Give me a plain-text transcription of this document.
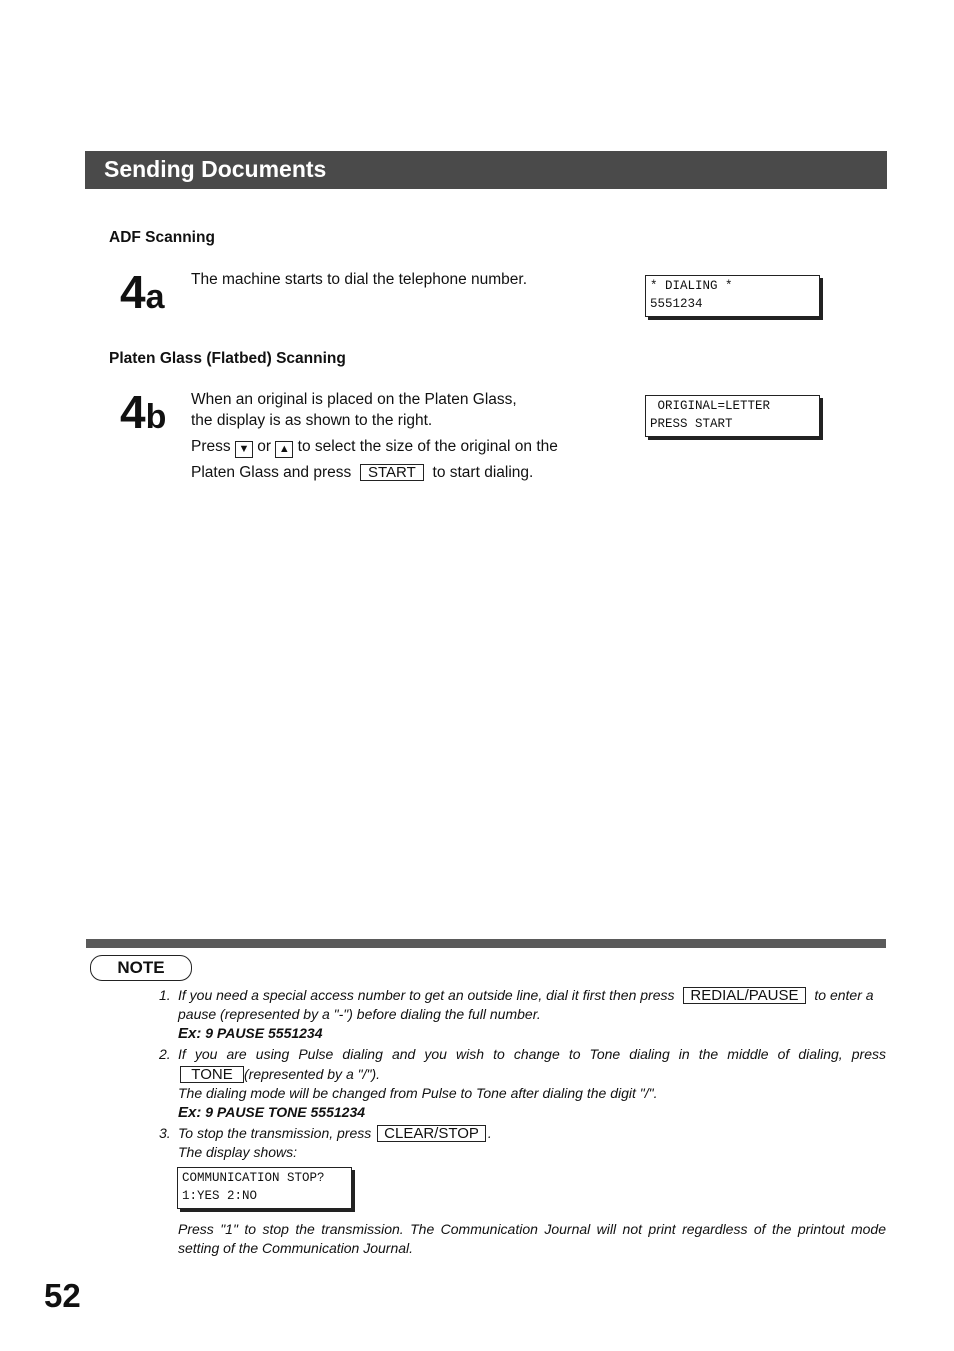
Sending Documents
ADF Scanning
4a The machine starts to dial the telephone number.	* DIALING *
5551234
Platen Glass (Flatbed) Scanning
4b When an original is placed on the Platen Glass,
the display is as shown to the right.
Press ▼ or ▲ to select the size of the original on the
Platen Glass and press START to start dialing.
ORIGINAL=LETTER
PRESS START
NOTE
1. If you need a special access number to get an outside line, dial it first then press REDIAL/PAUSE to enter a
pause (represented by a "-") before dialing the full number.
Ex: 9 PAUSE 5551234
2. If you are using Pulse dialing and you wish to change to Tone dialing in the middle of dialing, press
TONE (represented by a "/").
The dialing mode will be changed from Pulse to Tone after dialing the digit "/".
Ex: 9 PAUSE TONE 5551234
3. To stop the transmission, press CLEAR/STOP .
The display shows:
COMMUNICATION STOP?
1:YES 2:NO
Press "1" to stop the transmission. The Communication Journal will not print regardless of the printout mode
setting of the Communication Journal.
52
